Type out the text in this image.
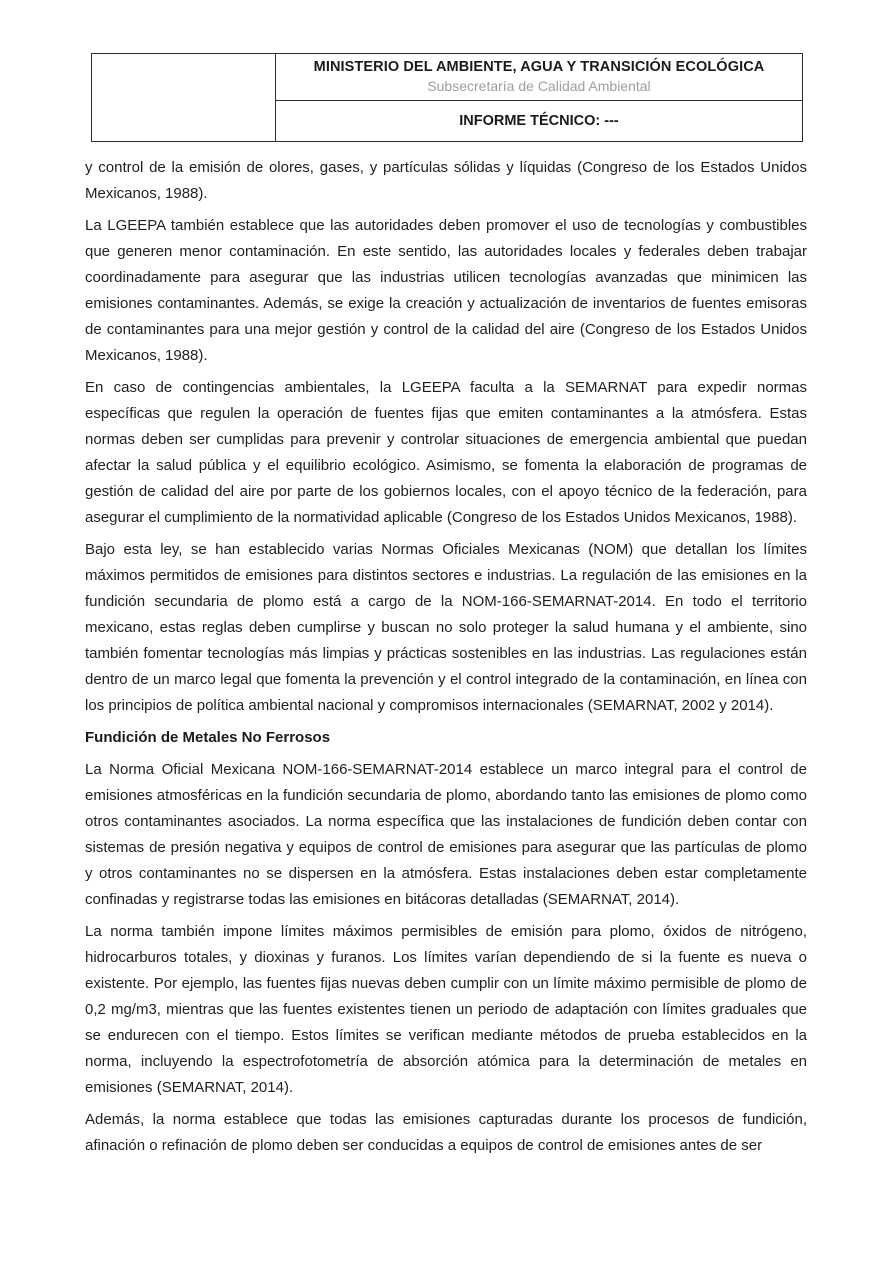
MINISTERIO DEL AMBIENTE, AGUA Y TRANSICIÓN ECOLÓGICA
Subsecretaría de Calidad Ambiental

INFORME TÉCNICO: ---

y control de la emisión de olores, gases, y partículas sólidas y líquidas (Congreso de los Estados Unidos Mexicanos, 1988).

La LGEEPA también establece que las autoridades deben promover el uso de tecnologías y combustibles que generen menor contaminación. En este sentido, las autoridades locales y federales deben trabajar coordinadamente para asegurar que las industrias utilicen tecnologías avanzadas que minimicen las emisiones contaminantes. Además, se exige la creación y actualización de inventarios de fuentes emisoras de contaminantes para una mejor gestión y control de la calidad del aire (Congreso de los Estados Unidos Mexicanos, 1988).

En caso de contingencias ambientales, la LGEEPA faculta a la SEMARNAT para expedir normas específicas que regulen la operación de fuentes fijas que emiten contaminantes a la atmósfera. Estas normas deben ser cumplidas para prevenir y controlar situaciones de emergencia ambiental que puedan afectar la salud pública y el equilibrio ecológico. Asimismo, se fomenta la elaboración de programas de gestión de calidad del aire por parte de los gobiernos locales, con el apoyo técnico de la federación, para asegurar el cumplimiento de la normatividad aplicable (Congreso de los Estados Unidos Mexicanos, 1988).

Bajo esta ley, se han establecido varias Normas Oficiales Mexicanas (NOM) que detallan los límites máximos permitidos de emisiones para distintos sectores e industrias. La regulación de las emisiones en la fundición secundaria de plomo está a cargo de la NOM-166-SEMARNAT-2014. En todo el territorio mexicano, estas reglas deben cumplirse y buscan no solo proteger la salud humana y el ambiente, sino también fomentar tecnologías más limpias y prácticas sostenibles en las industrias. Las regulaciones están dentro de un marco legal que fomenta la prevención y el control integrado de la contaminación, en línea con los principios de política ambiental nacional y compromisos internacionales (SEMARNAT, 2002 y 2014).

Fundición de Metales No Ferrosos

La Norma Oficial Mexicana NOM-166-SEMARNAT-2014 establece un marco integral para el control de emisiones atmosféricas en la fundición secundaria de plomo, abordando tanto las emisiones de plomo como otros contaminantes asociados. La norma específica que las instalaciones de fundición deben contar con sistemas de presión negativa y equipos de control de emisiones para asegurar que las partículas de plomo y otros contaminantes no se dispersen en la atmósfera. Estas instalaciones deben estar completamente confinadas y registrarse todas las emisiones en bitácoras detalladas (SEMARNAT, 2014).

La norma también impone límites máximos permisibles de emisión para plomo, óxidos de nitrógeno, hidrocarburos totales, y dioxinas y furanos. Los límites varían dependiendo de si la fuente es nueva o existente. Por ejemplo, las fuentes fijas nuevas deben cumplir con un límite máximo permisible de plomo de 0,2 mg/m3, mientras que las fuentes existentes tienen un periodo de adaptación con límites graduales que se endurecen con el tiempo. Estos límites se verifican mediante métodos de prueba establecidos en la norma, incluyendo la espectrofotometría de absorción atómica para la determinación de metales en emisiones (SEMARNAT, 2014).

Además, la norma establece que todas las emisiones capturadas durante los procesos de fundición, afinación o refinación de plomo deben ser conducidas a equipos de control de emisiones antes de ser
